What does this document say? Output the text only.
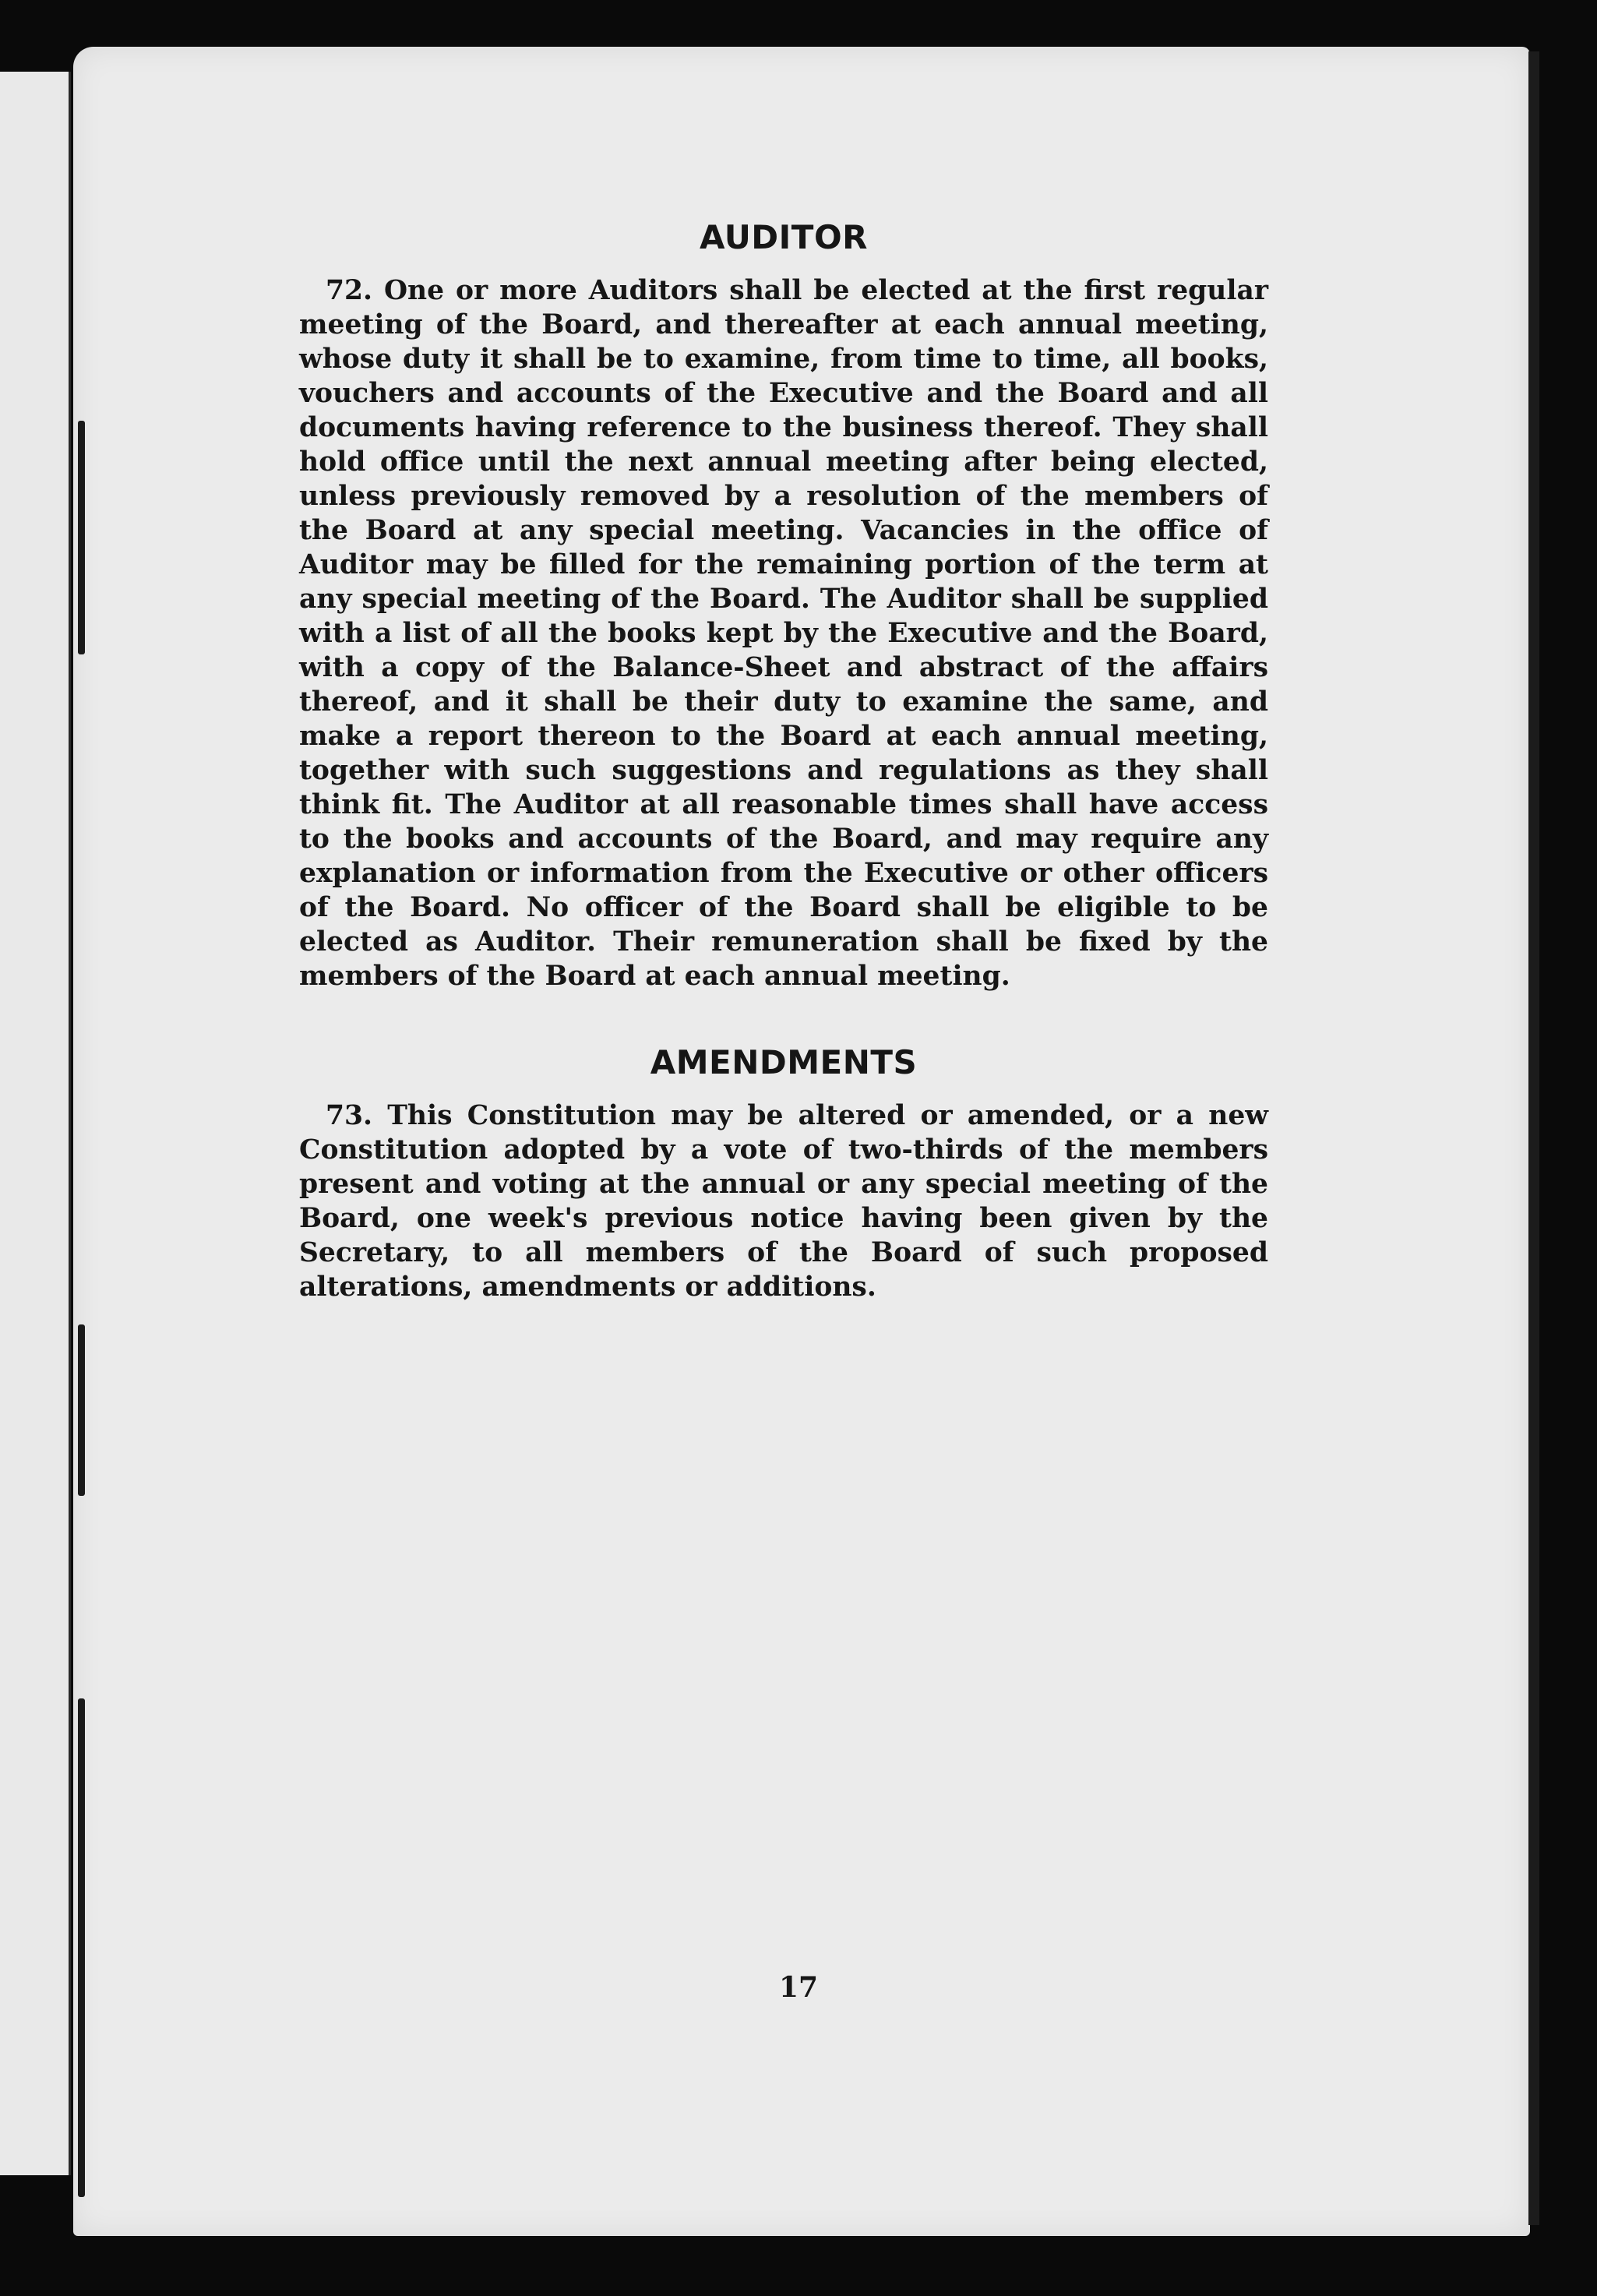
AUDITOR

72. One or more Auditors shall be elected at the first regular meeting of the Board, and thereafter at each annual meeting, whose duty it shall be to examine, from time to time, all books, vouchers and accounts of the Executive and the Board and all documents having reference to the business thereof. They shall hold office until the next annual meeting after being elected, unless previously removed by a resolution of the members of the Board at any special meeting. Vacancies in the office of Auditor may be filled for the remaining portion of the term at any special meeting of the Board. The Auditor shall be supplied with a list of all the books kept by the Executive and the Board, with a copy of the Balance-Sheet and abstract of the affairs thereof, and it shall be their duty to examine the same, and make a report thereon to the Board at each annual meeting, together with such suggestions and regulations as they shall think fit. The Auditor at all reasonable times shall have access to the books and accounts of the Board, and may require any explanation or information from the Executive or other officers of the Board. No officer of the Board shall be eligible to be elected as Auditor. Their remuneration shall be fixed by the members of the Board at each annual meeting.

AMENDMENTS

73. This Constitution may be altered or amended, or a new Constitution adopted by a vote of two-thirds of the members present and voting at the annual or any special meeting of the Board, one week's previous notice having been given by the Secretary, to all members of the Board of such proposed alterations, amendments or additions.

17
